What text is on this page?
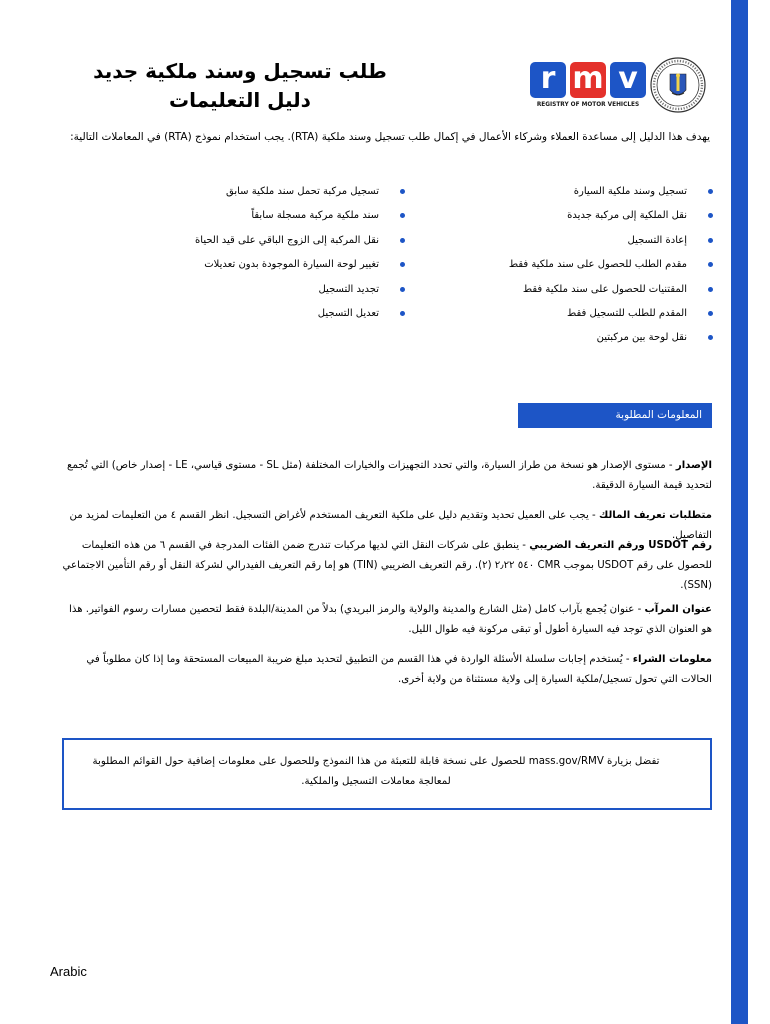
r m v
REGISTRY OF MOTOR VEHICLES
طلب تسجيل وسند ملكية جديد
دليل التعليمات
يهدف هذا الدليل إلى مساعدة العملاء وشركاء الأعمال في إكمال طلب تسجيل وسند ملكية (RTA). يجب استخدام نموذج (RTA) في المعاملات التالية:
تسجيل وسند ملكية السيارة
نقل الملكية إلى مركبة جديدة
إعادة التسجيل
مقدم الطلب للحصول على سند ملكية فقط
المقتنيات للحصول على سند ملكية فقط
المقدم للطلب للتسجيل فقط
نقل لوحة بين مركبتين
تسجيل مركبة تحمل سند ملكية سابق
سند ملكية مركبة مسجلة سابقاً
نقل المركبة إلى الزوج الباقي على قيد الحياة
تغيير لوحة السيارة الموجودة بدون تعديلات
تجديد التسجيل
تعديل التسجيل
المعلومات المطلوبة

الإصدار - مستوى الإصدار هو نسخة من طراز السيارة، والتي تحدد التجهيزات والخيارات المختلفة (مثل SL - مستوى قياسي، LE - إصدار خاص) التي تُجمع لتحديد قيمة السيارة الدقيقة.

متطلبات تعريف المالك - يجب على العميل تحديد وتقديم دليل على ملكية التعريف المستخدم لأغراض التسجيل. انظر القسم ٤ من التعليمات لمزيد من التفاصيل.

رقم USDOT ورقم التعريف الضريبي - ينطبق على شركات النقل التي لديها مركبات تندرج ضمن الفئات المدرجة في القسم ٦ من هذه التعليمات للحصول على رقم USDOT بموجب CMR ٥٤٠ ٢٫٢٢ (٢). رقم التعريف الضريبي (TIN) هو إما رقم التعريف الفيدرالي لشركة النقل أو رقم التأمين الاجتماعي (SSN).

عنوان المرآب - عنوان يُجمع بآراب كامل (مثل الشارع والمدينة والولاية والرمز البريدي) بدلاً من المدينة/البلدة فقط لتحصين مسارات رسوم الفواتير. هذا هو العنوان الذي توجد فيه السيارة أطول أو تبقى مركونة فيه طوال الليل.

معلومات الشراء - يُستخدم إجابات سلسلة الأسئلة الواردة في هذا القسم من التطبيق لتحديد مبلغ ضريبة المبيعات المستحقة وما إذا كان مطلوباً في الحالات التي تحول تسجيل/ملكية السيارة إلى ولاية مستثناة من ولاية أخرى.

تفضل بزيارة mass.gov/RMV للحصول على نسخة قابلة للتعبئة من هذا النموذج وللحصول على معلومات إضافية حول القوائم المطلوبة لمعالجة معاملات التسجيل والملكية.
Arabic
